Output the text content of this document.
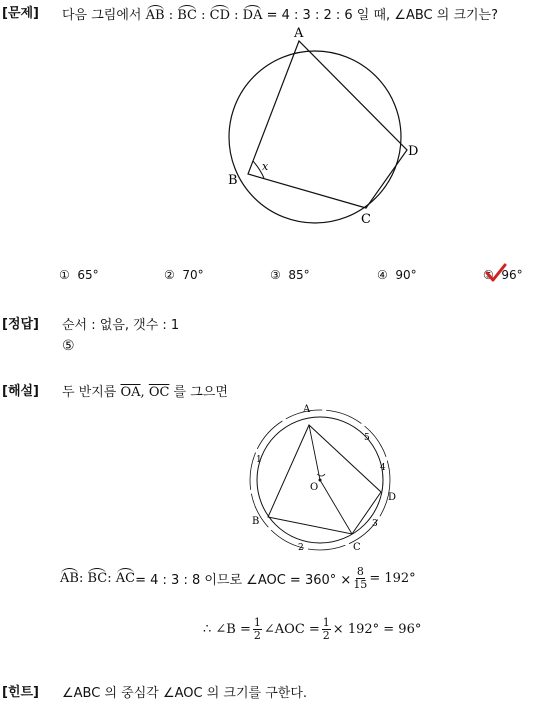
[문제] 다음 그림에서 AB : BC : CD : DA = 4 : 3 : 2 : 6 일 때, ∠ABC 의 크기는?
A
B
C
D
x
① 65°	② 70°	③ 85°	④ 90°	⑤ 96°
[정답] 순서 : 없음, 갯수 : 1
⑤
[해설] 두 반지름 $\overline{OA}$, $\overline{OC}$ 를 그으면
A
B
C
D
O
1
2
3
4
5
AB :
BC :
AC = 4 : 3 : 8 이므로 ∠AOC = $360^\circ \times \frac{8}{15} = 192^\circ$
∴ ∠B = $\frac{1}{2}$ ∠AOC = $\frac{1}{2} \times 192^\circ = 96^\circ$
[힌트] ∠ABC 의 중심각 ∠AOC 의 크기를 구한다.
